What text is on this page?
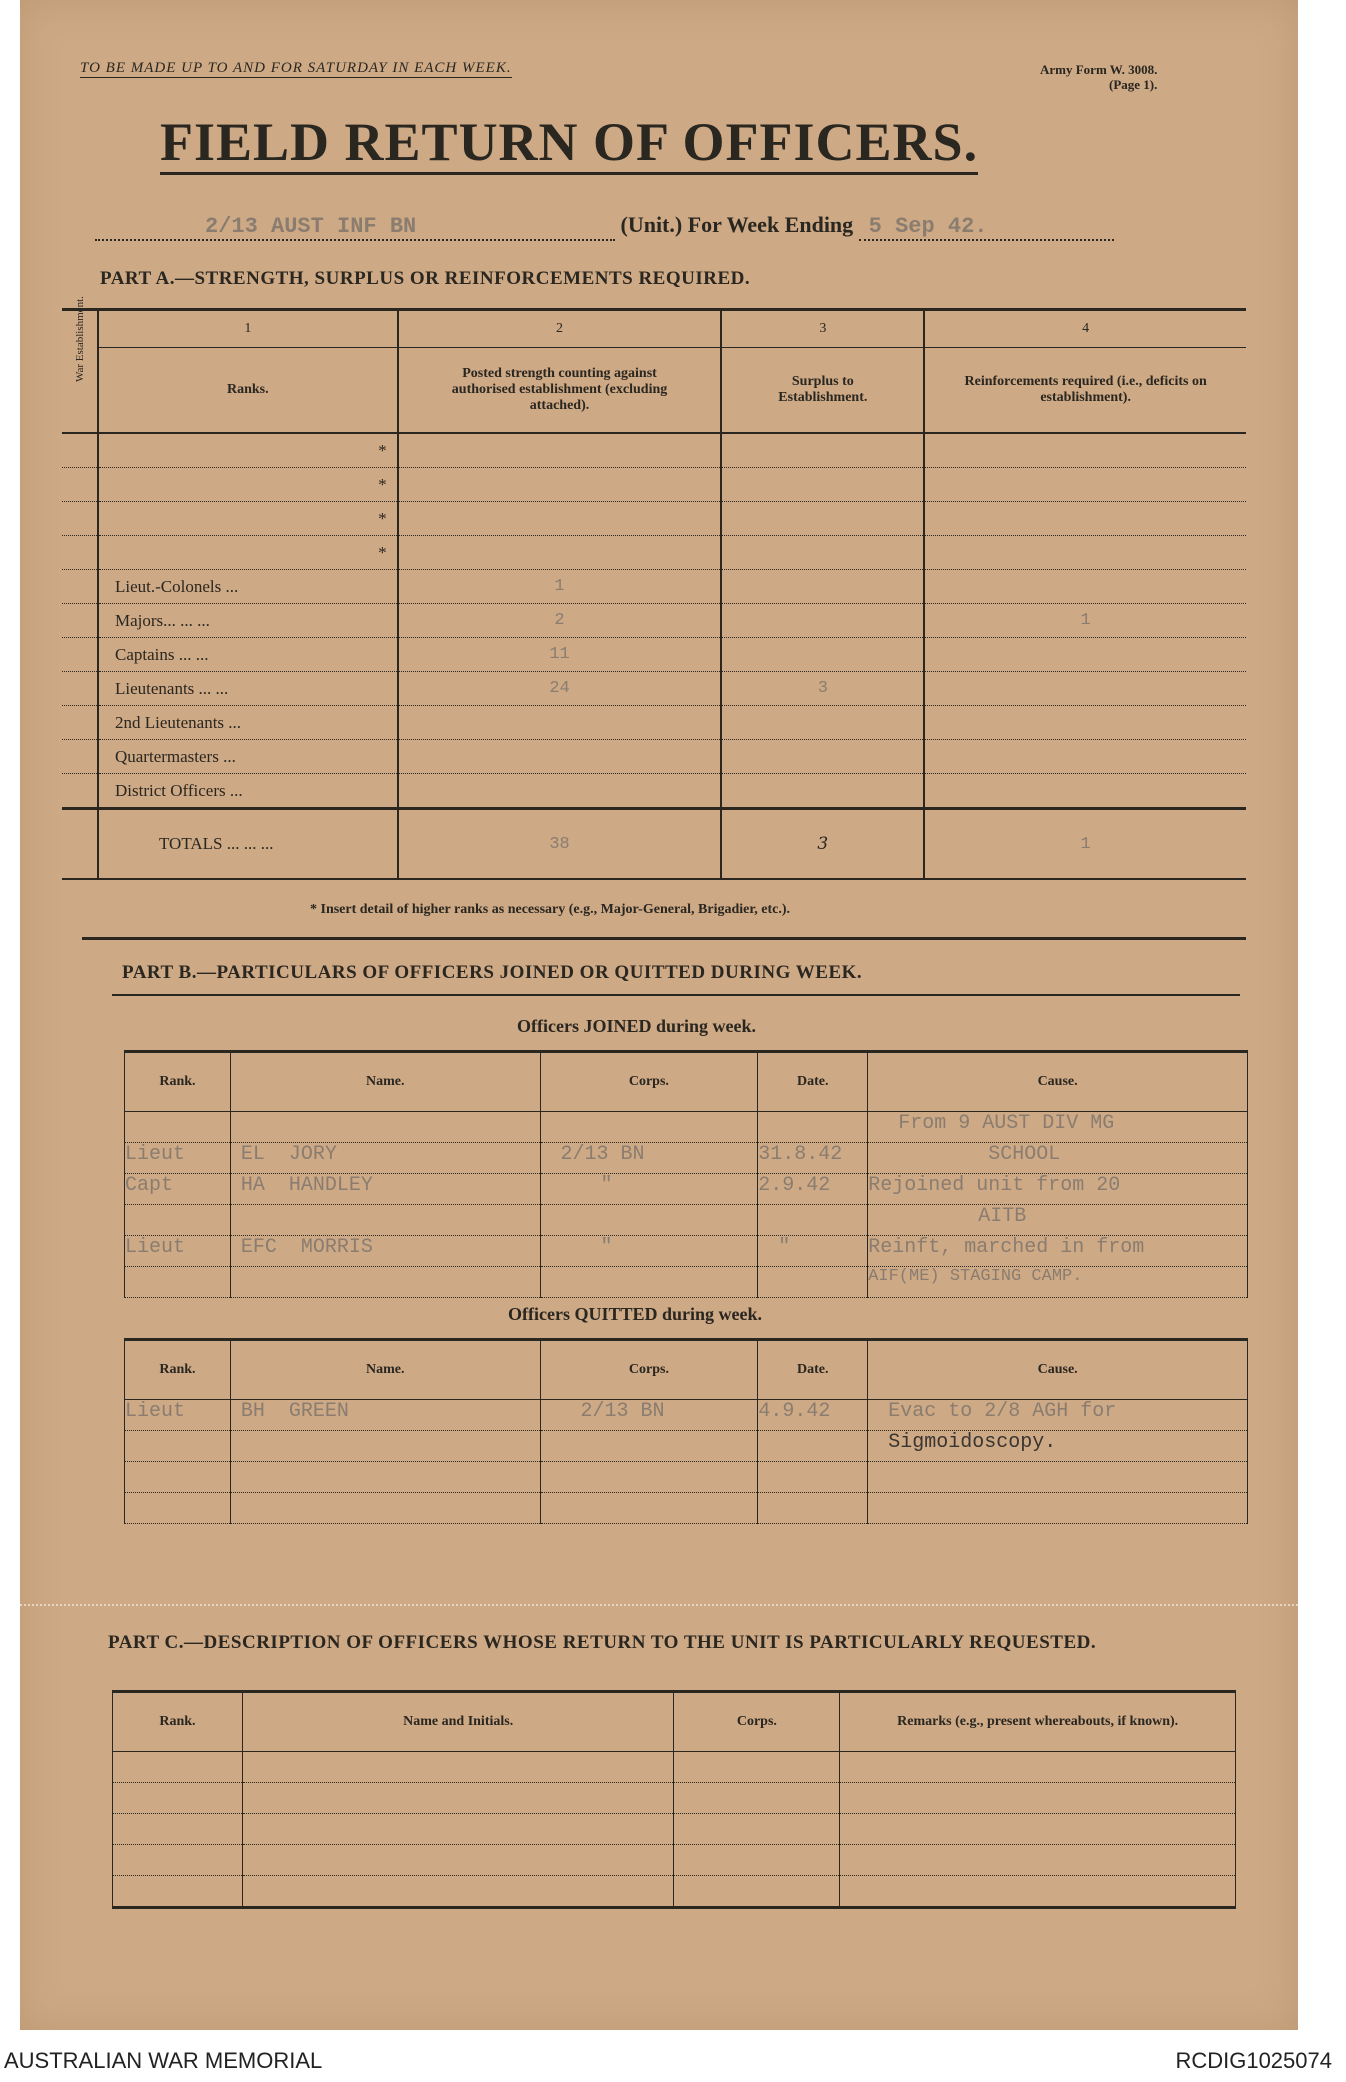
TO BE MADE UP TO AND FOR SATURDAY IN EACH WEEK.	Army Form W. 3008.
(Page 1).
FIELD RETURN OF OFFICERS.
2/13 AUST INF BN	(Unit.) For Week Ending 5 Sep 42.
PART A.—STRENGTH, SURPLUS OR REINFORCEMENTS REQUIRED.
War Establishment.	1	2	3	4
	Ranks.	Posted strength counting against authorised establishment (excluding attached).	Surplus to Establishment.	Reinforcements required (i.e., deficits on establishment).
	*			
	*			
	*			
	*			
	Lieut.-Colonels ...	1		
	Majors... ... ...	2		1
	Captains ... ...	11		
	Lieutenants ... ...	24	3	
	2nd Lieutenants ...			
	Quartermasters ...			
	District Officers ...			
	TOTALS ... ... ...	38	3	1
* Insert detail of higher ranks as necessary (e.g., Major-General, Brigadier, etc.).
PART B.—PARTICULARS OF OFFICERS JOINED OR QUITTED DURING WEEK.
Officers JOINED during week.
Rank.	Name.	Corps.	Date.	Cause.
				From 9 AUST DIV MG
Lieut	EL  JORY	2/13 BN	31.8.42	SCHOOL
Capt	HA  HANDLEY	"	2.9.42	Rejoined unit from 20
				AITB
Lieut	EFC  MORRIS	"	"	Reinft, marched in from
				AIF(ME) STAGING CAMP.
Officers QUITTED during week.
Rank.	Name.	Corps.	Date.	Cause.
Lieut	BH  GREEN	2/13 BN	4.9.42	Evac to 2/8 AGH for
				Sigmoidoscopy.

PART C.—DESCRIPTION OF OFFICERS WHOSE RETURN TO THE UNIT IS PARTICULARLY REQUESTED.
Rank.	Name and Initials.	Corps.	Remarks (e.g., present whereabouts, if known).

AUSTRALIAN WAR MEMORIAL	RCDIG1025074
